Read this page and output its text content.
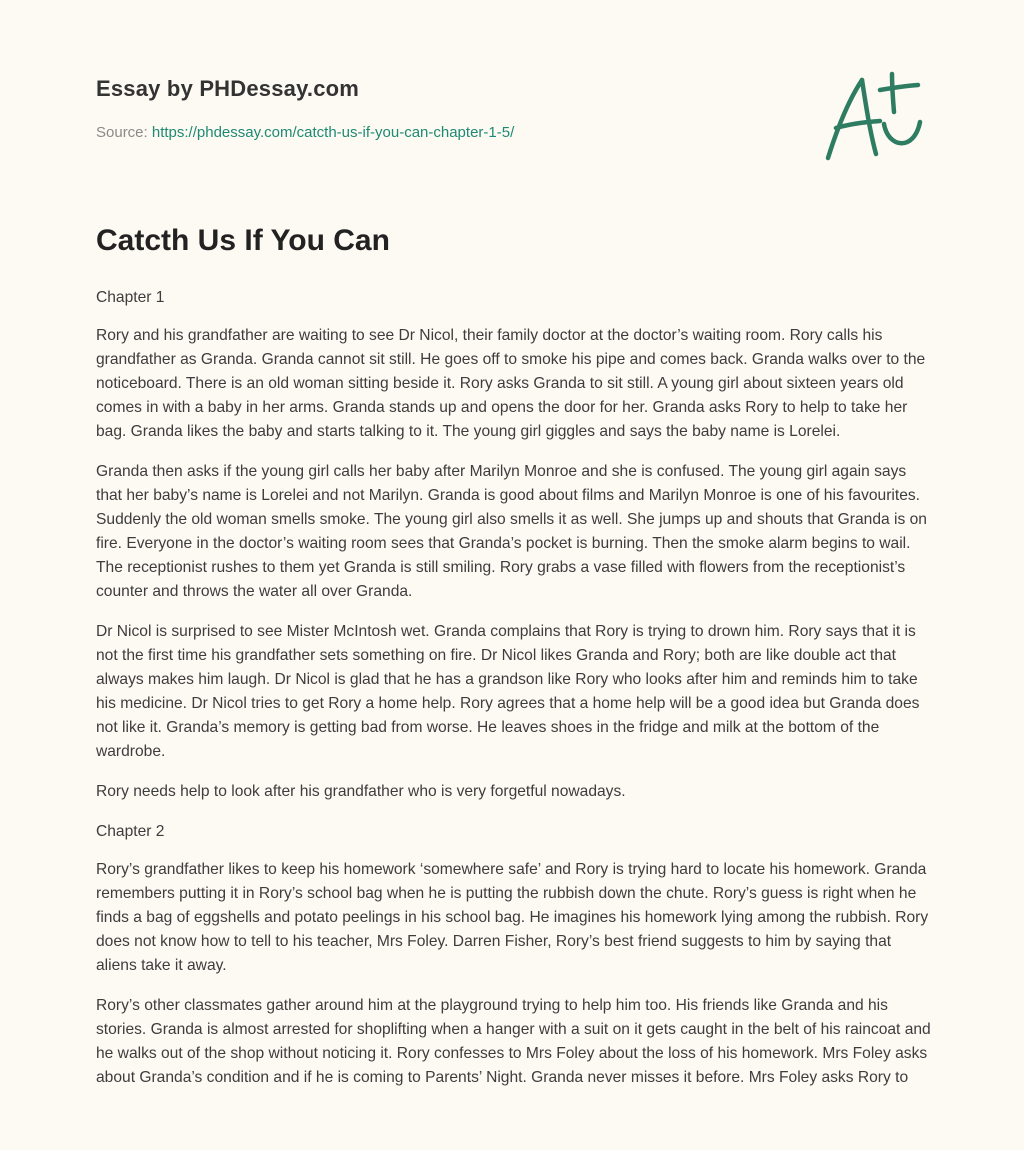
Essay by PHDessay.com
Source: https://phdessay.com/catcth-us-if-you-can-chapter-1-5/
Catcth Us If You Can
Chapter 1

Rory and his grandfather are waiting to see Dr Nicol, their family doctor at the doctor’s waiting room. Rory calls his grandfather as Granda. Granda cannot sit still. He goes off to smoke his pipe and comes back. Granda walks over to the noticeboard. There is an old woman sitting beside it. Rory asks Granda to sit still. A young girl about sixteen years old comes in with a baby in her arms. Granda stands up and opens the door for her. Granda asks Rory to help to take her bag. Granda likes the baby and starts talking to it. The young girl giggles and says the baby name is Lorelei.

Granda then asks if the young girl calls her baby after Marilyn Monroe and she is confused. The young girl again says that her baby’s name is Lorelei and not Marilyn. Granda is good about films and Marilyn Monroe is one of his favourites. Suddenly the old woman smells smoke. The young girl also smells it as well. She jumps up and shouts that Granda is on fire. Everyone in the doctor’s waiting room sees that Granda’s pocket is burning. Then the smoke alarm begins to wail. The receptionist rushes to them yet Granda is still smiling. Rory grabs a vase filled with flowers from the receptionist’s counter and throws the water all over Granda.

Dr Nicol is surprised to see Mister McIntosh wet. Granda complains that Rory is trying to drown him. Rory says that it is not the first time his grandfather sets something on fire. Dr Nicol likes Granda and Rory; both are like double act that always makes him laugh. Dr Nicol is glad that he has a grandson like Rory who looks after him and reminds him to take his medicine. Dr Nicol tries to get Rory a home help. Rory agrees that a home help will be a good idea but Granda does not like it. Granda’s memory is getting bad from worse. He leaves shoes in the fridge and milk at the bottom of the wardrobe.

Rory needs help to look after his grandfather who is very forgetful nowadays.

Chapter 2

Rory’s grandfather likes to keep his homework ‘somewhere safe’ and Rory is trying hard to locate his homework. Granda remembers putting it in Rory’s school bag when he is putting the rubbish down the chute. Rory’s guess is right when he finds a bag of eggshells and potato peelings in his school bag. He imagines his homework lying among the rubbish. Rory does not know how to tell to his teacher, Mrs Foley. Darren Fisher, Rory’s best friend suggests to him by saying that aliens take it away.

Rory’s other classmates gather around him at the playground trying to help him too. His friends like Granda and his stories. Granda is almost arrested for shoplifting when a hanger with a suit on it gets caught in the belt of his raincoat and he walks out of the shop without noticing it. Rory confesses to Mrs Foley about the loss of his homework. Mrs Foley asks about Granda’s condition and if he is coming to Parents’ Night. Granda never misses it before. Mrs Foley asks Rory to
